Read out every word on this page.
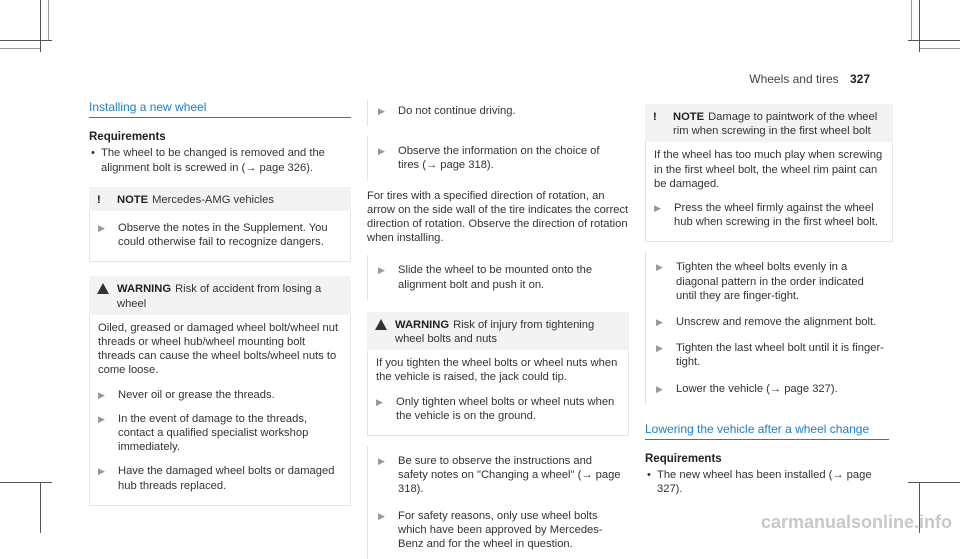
Wheels and tires 327
Installing a new wheel
Requirements
• The wheel to be changed is removed and the alignment bolt is screwed in (→ page 326).
!	NOTE Mercedes-AMG vehicles
▶ Observe the notes in the Supplement. You could otherwise fail to recognize dangers.
WARNING Risk of accident from losing a wheel
Oiled, greased or damaged wheel bolt/wheel nut threads or wheel hub/wheel mounting bolt threads can cause the wheel bolts/wheel nuts to come loose.
▶ Never oil or grease the threads.
▶ In the event of damage to the threads, contact a qualified specialist workshop immediately.
▶ Have the damaged wheel bolts or damaged hub threads replaced.
▶ Do not continue driving.
▶ Observe the information on the choice of tires (→ page 318).
For tires with a specified direction of rotation, an arrow on the side wall of the tire indicates the correct direction of rotation. Observe the direction of rotation when installing.
▶ Slide the wheel to be mounted onto the alignment bolt and push it on.
WARNING Risk of injury from tightening wheel bolts and nuts
If you tighten the wheel bolts or wheel nuts when the vehicle is raised, the jack could tip.
▶ Only tighten wheel bolts or wheel nuts when the vehicle is on the ground.
▶ Be sure to observe the instructions and safety notes on "Changing a wheel" (→ page 318).
▶ For safety reasons, only use wheel bolts which have been approved by Mercedes-Benz and for the wheel in question.
!	NOTE Damage to paintwork of the wheel rim when screwing in the first wheel bolt
If the wheel has too much play when screwing in the first wheel bolt, the wheel rim paint can be damaged.
▶ Press the wheel firmly against the wheel hub when screwing in the first wheel bolt.
▶ Tighten the wheel bolts evenly in a diagonal pattern in the order indicated until they are finger-tight.
▶ Unscrew and remove the alignment bolt.
▶ Tighten the last wheel bolt until it is finger-tight.
▶ Lower the vehicle (→ page 327).
Lowering the vehicle after a wheel change
Requirements
• The new wheel has been installed (→ page 327).
carmanualsonline.info
